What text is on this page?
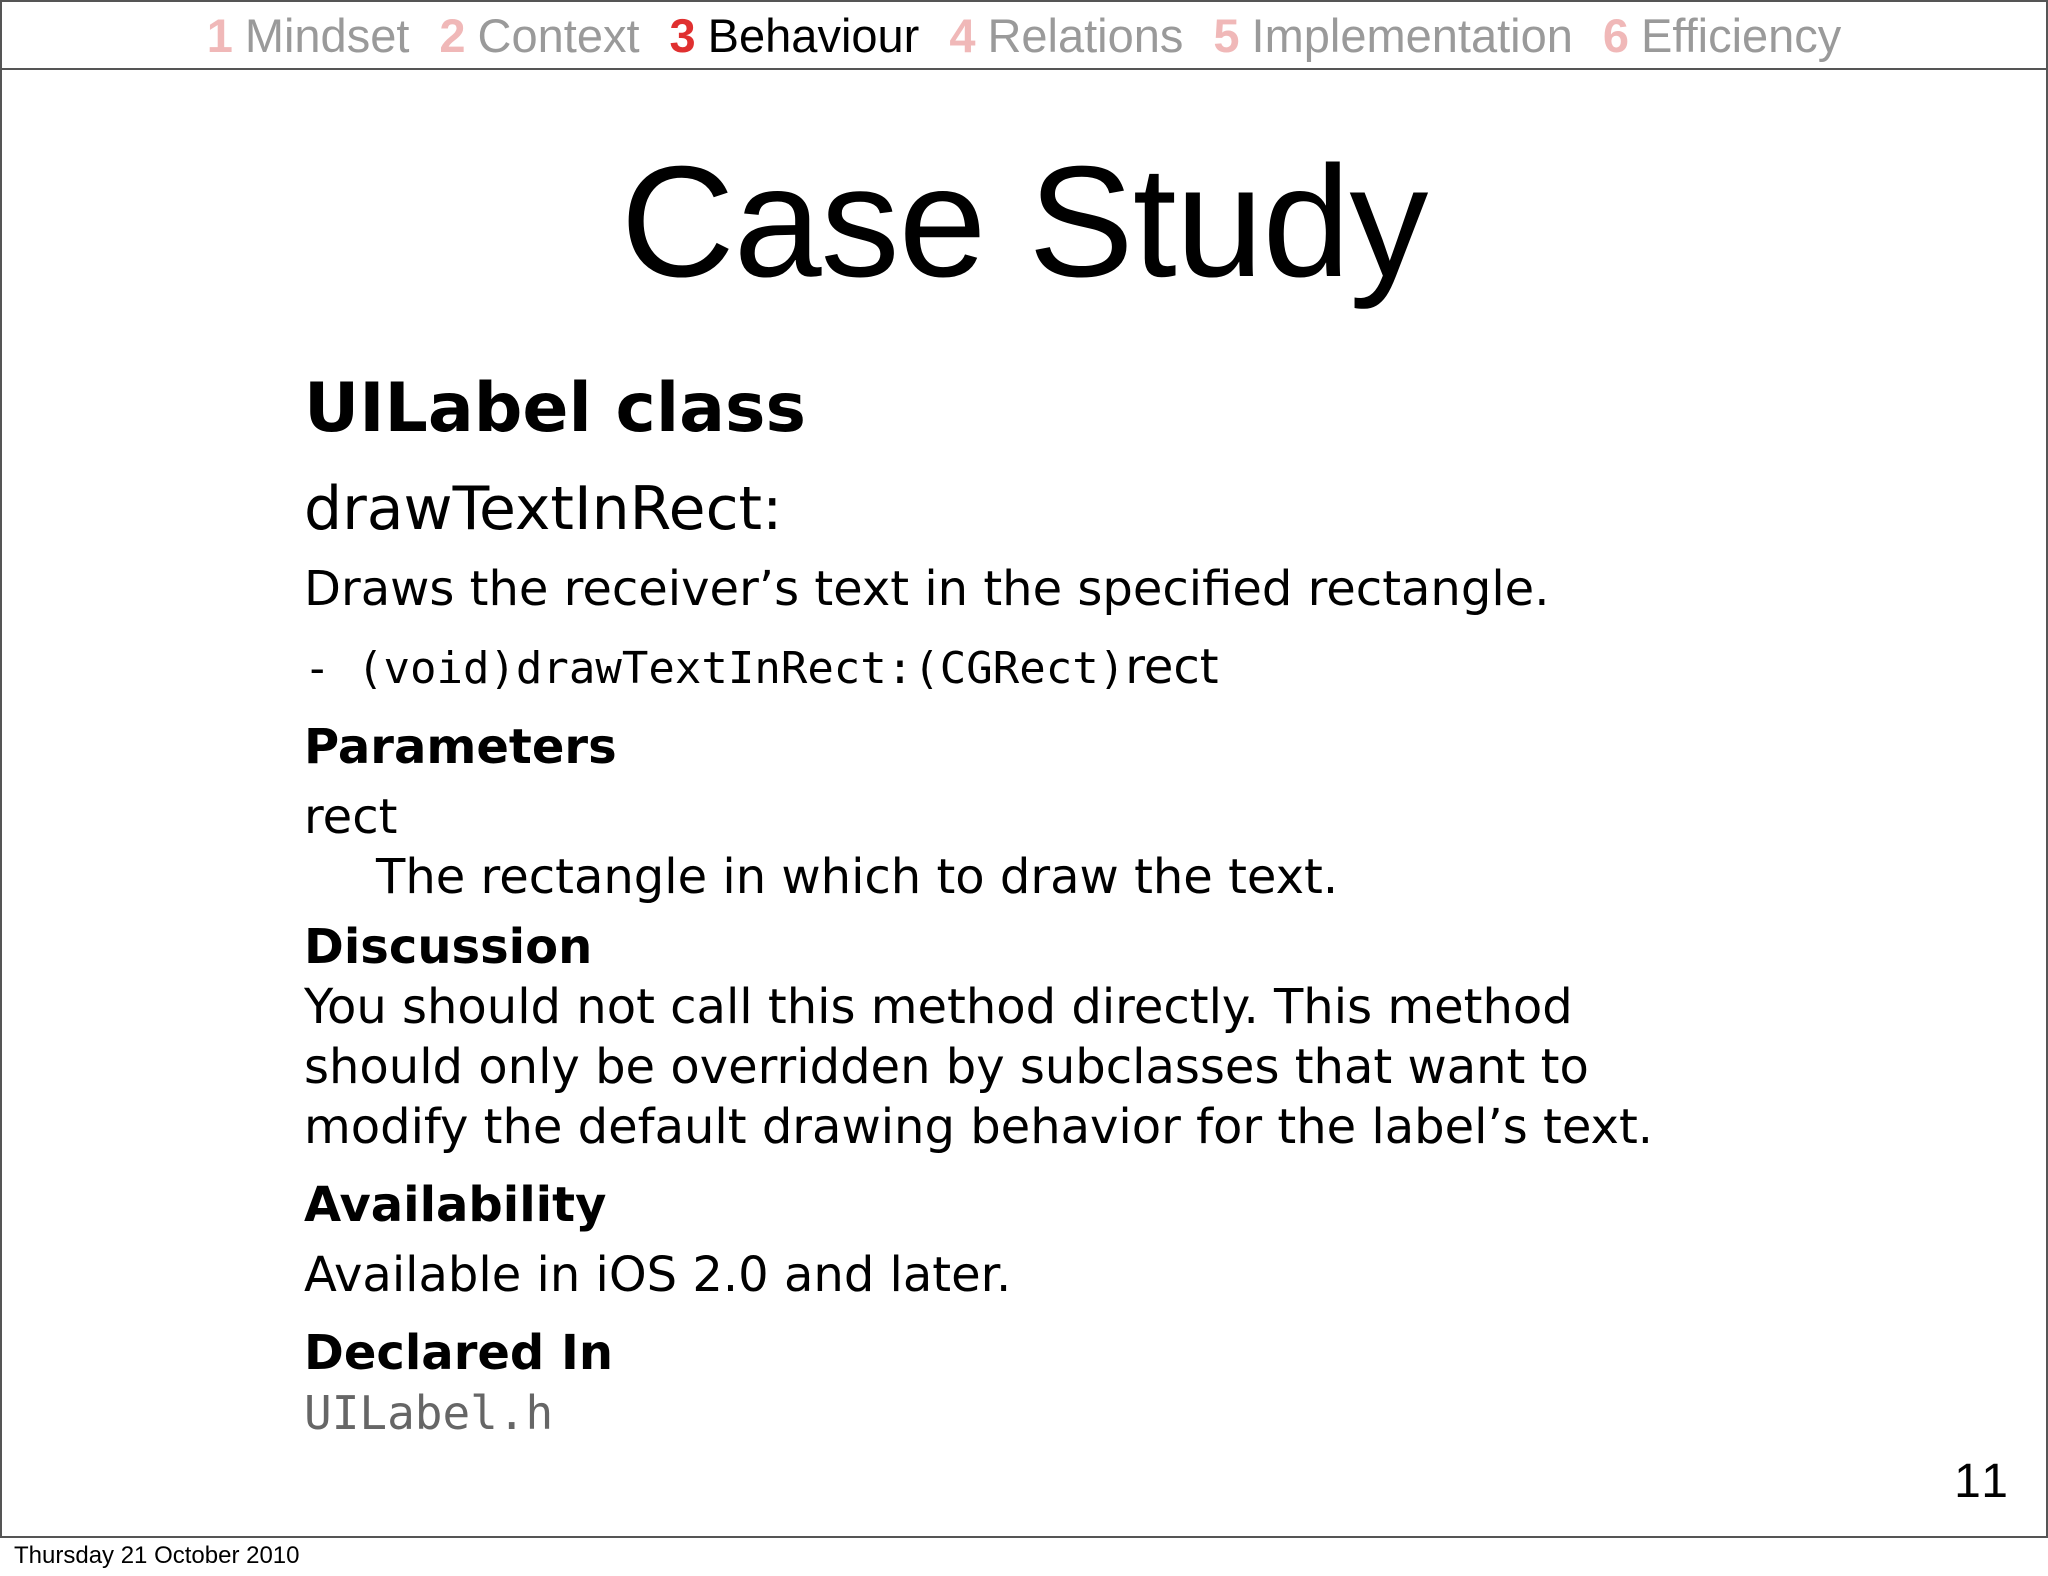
1 Mindset 2 Context 3 Behaviour 4 Relations 5 Implementation 6 Efficiency
Case Study
UILabel class
drawTextInRect:

Draws the receiver’s text in the specified rectangle.

- (void)drawTextInRect:(CGRect)rect
Parameters

rect

The rectangle in which to draw the text.

Discussion

You should not call this method directly. This method

should only be overridden by subclasses that want to

modify the default drawing behavior for the label’s text.

Availability

Available in iOS 2.0 and later.

Declared In

UILabel.h

11
Thursday 21 October 2010
